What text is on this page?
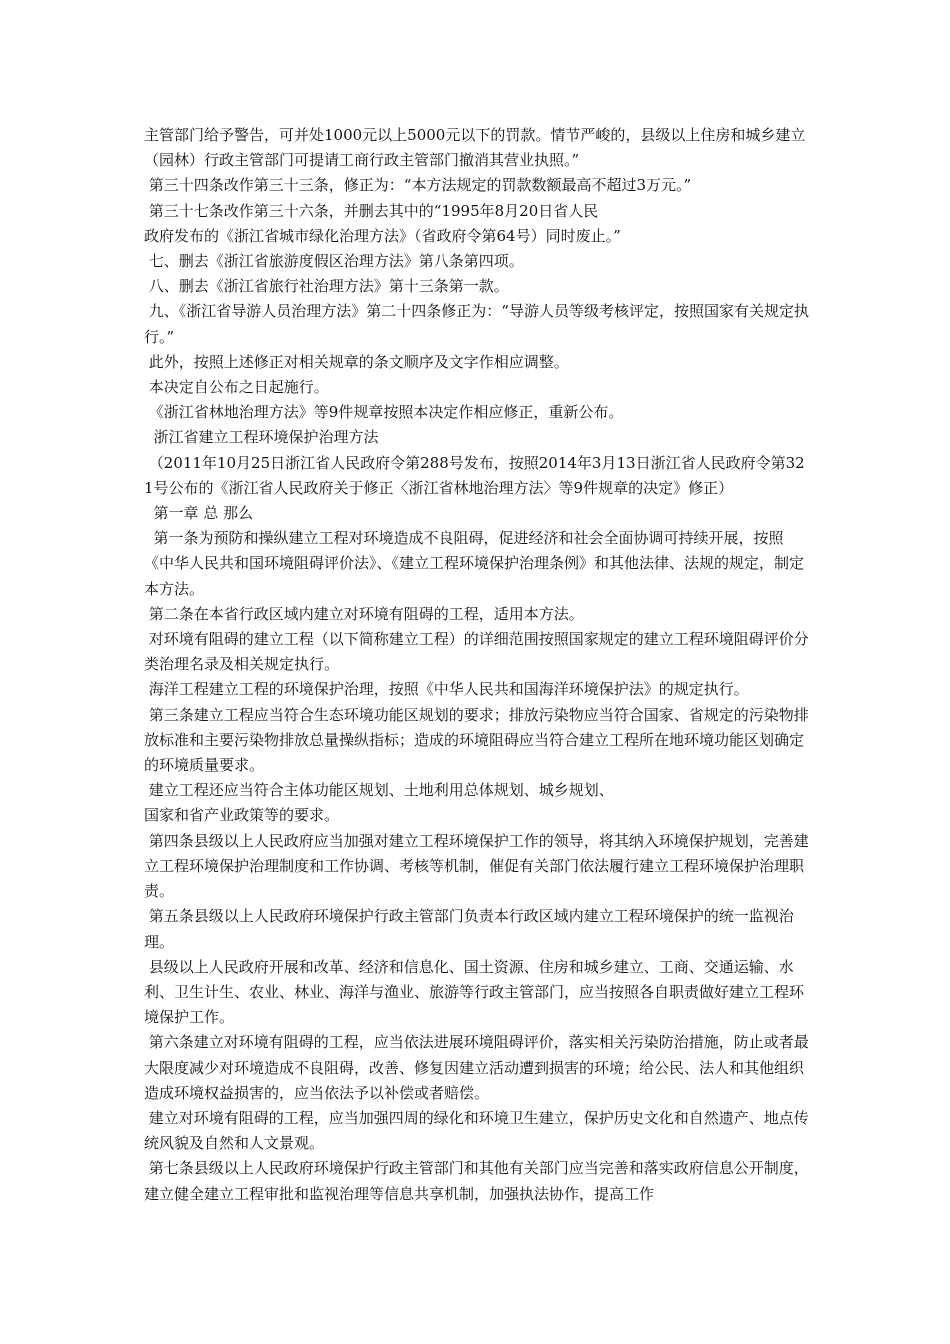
主管部门给予警告，可并处1000元以上5000元以下的罚款。情节严峻的，县级以上住房和城乡建立（园林）行政主管部门可提请工商行政主管部门撤消其营业执照。”

第三十四条改作第三十三条，修正为：“本方法规定的罚款数额最高不超过3万元。”

第三十七条改作第三十六条，并删去其中的“1995年8月20日省人民

政府发布的《浙江省城市绿化治理方法》（省政府令第64号）同时废止。”

七、删去《浙江省旅游度假区治理方法》第八条第四项。

八、删去《浙江省旅行社治理方法》第十三条第一款。

九、《浙江省导游人员治理方法》第二十四条修正为：“导游人员等级考核评定，按照国家有关规定执行。”

此外，按照上述修正对相关规章的条文顺序及文字作相应调整。

本决定自公布之日起施行。

《浙江省林地治理方法》等9件规章按照本决定作相应修正，重新公布。

浙江省建立工程环境保护治理方法

（2011年10月25日浙江省人民政府令第288号发布，按照2014年3月13日浙江省人民政府令第321号公布的《浙江省人民政府关于修正〈浙江省林地治理方法〉等9件规章的决定》修正）

第一章 总 那么

第一条为预防和操纵建立工程对环境造成不良阻碍，促进经济和社会全面协调可持续开展，按照《中华人民共和国环境阻碍评价法》、《建立工程环境保护治理条例》和其他法律、法规的规定，制定本方法。

第二条在本省行政区域内建立对环境有阻碍的工程，适用本方法。

对环境有阻碍的建立工程（以下简称建立工程）的详细范围按照国家规定的建立工程环境阻碍评价分类治理名录及相关规定执行。

海洋工程建立工程的环境保护治理，按照《中华人民共和国海洋环境保护法》的规定执行。

第三条建立工程应当符合生态环境功能区规划的要求；排放污染物应当符合国家、省规定的污染物排放标准和主要污染物排放总量操纵指标；造成的环境阻碍应当符合建立工程所在地环境功能区划确定的环境质量要求。

建立工程还应当符合主体功能区规划、土地利用总体规划、城乡规划、

国家和省产业政策等的要求。

第四条县级以上人民政府应当加强对建立工程环境保护工作的领导，将其纳入环境保护规划，完善建立工程环境保护治理制度和工作协调、考核等机制，催促有关部门依法履行建立工程环境保护治理职责。

第五条县级以上人民政府环境保护行政主管部门负责本行政区域内建立工程环境保护的统一监视治理。

县级以上人民政府开展和改革、经济和信息化、国土资源、住房和城乡建立、工商、交通运输、水利、卫生计生、农业、林业、海洋与渔业、旅游等行政主管部门，应当按照各自职责做好建立工程环境保护工作。

第六条建立对环境有阻碍的工程，应当依法进展环境阻碍评价，落实相关污染防治措施，防止或者最大限度减少对环境造成不良阻碍，改善、修复因建立活动遭到损害的环境；给公民、法人和其他组织造成环境权益损害的，应当依法予以补偿或者赔偿。

建立对环境有阻碍的工程，应当加强四周的绿化和环境卫生建立，保护历史文化和自然遗产、地点传统风貌及自然和人文景观。

第七条县级以上人民政府环境保护行政主管部门和其他有关部门应当完善和落实政府信息公开制度，建立健全建立工程审批和监视治理等信息共享机制，加强执法协作，提高工作
